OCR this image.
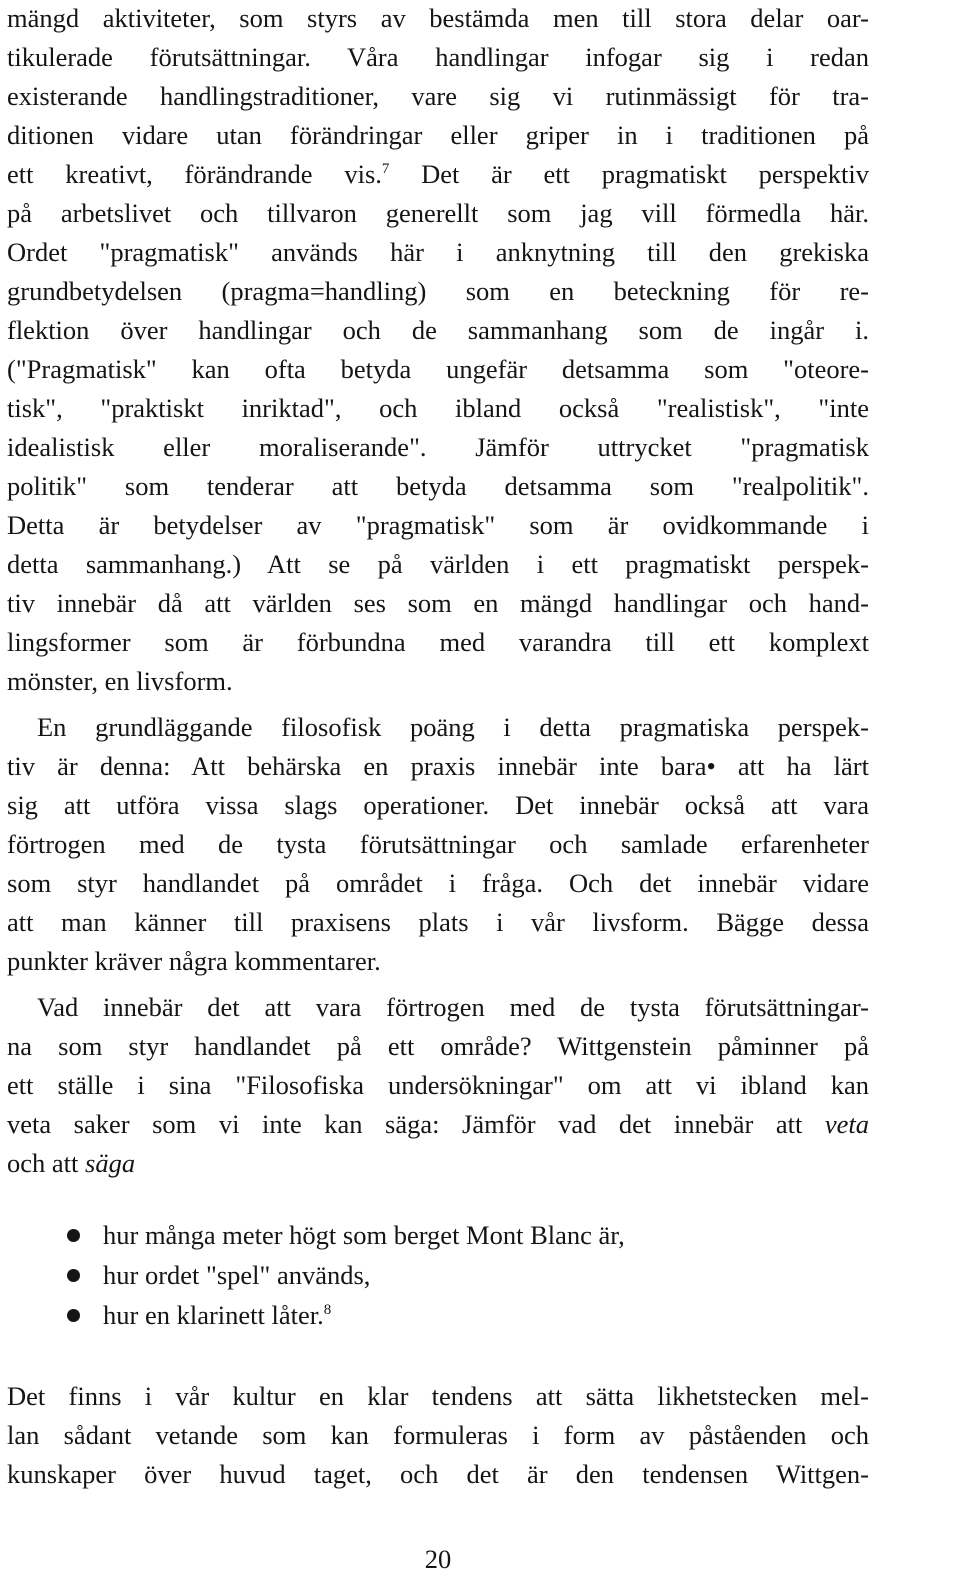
mängd aktiviteter, som styrs av bestämda men till stora delar oar-
tikulerade förutsättningar. Våra handlingar infogar sig i redan
existerande handlingstraditioner, vare sig vi rutinmässigt för tra-
ditionen vidare utan förändringar eller griper in i traditionen på
ett kreativt, förändrande vis.$^7$ Det är ett pragmatiskt perspektiv
på arbetslivet och tillvaron generellt som jag vill förmedla här.
Ordet "pragmatisk" används här i anknytning till den grekiska
grundbetydelsen (pragma=handling) som en beteckning för re-
flektion över handlingar och de sammanhang som de ingår i.
("Pragmatisk" kan ofta betyda ungefär detsamma som "oteore-
tisk", "praktiskt inriktad", och ibland också "realistisk", "inte
idealistisk eller moraliserande". Jämför uttrycket "pragmatisk
politik" som tenderar att betyda detsamma som "realpolitik".
Detta är betydelser av "pragmatisk" som är ovidkommande i
detta sammanhang.) Att se på världen i ett pragmatiskt perspek-
tiv innebär då att världen ses som en mängd handlingar och hand-
lingsformer som är förbundna med varandra till ett komplext
mönster, en livsform.
En grundläggande filosofisk poäng i detta pragmatiska perspek-
tiv är denna: Att behärska en praxis innebär inte bara• att ha lärt
sig att utföra vissa slags operationer. Det innebär också att vara
förtrogen med de tysta förutsättningar och samlade erfarenheter
som styr handlandet på området i fråga. Och det innebär vidare
att man känner till praxisens plats i vår livsform. Bägge dessa
punkter kräver några kommentarer.
Vad innebär det att vara förtrogen med de tysta förutsättningar-
na som styr handlandet på ett område? Wittgenstein påminner på
ett ställe i sina "Filosofiska undersökningar" om att vi ibland kan
veta saker som vi inte kan säga: Jämför vad det innebär att veta
och att säga
hur många meter högt som berget Mont Blanc är,
hur ordet "spel" används,
hur en klarinett låter.$^8$
Det finns i vår kultur en klar tendens att sätta likhetstecken mel-
lan sådant vetande som kan formuleras i form av påståenden och
kunskaper över huvud taget, och det är den tendensen Wittgen-
20
